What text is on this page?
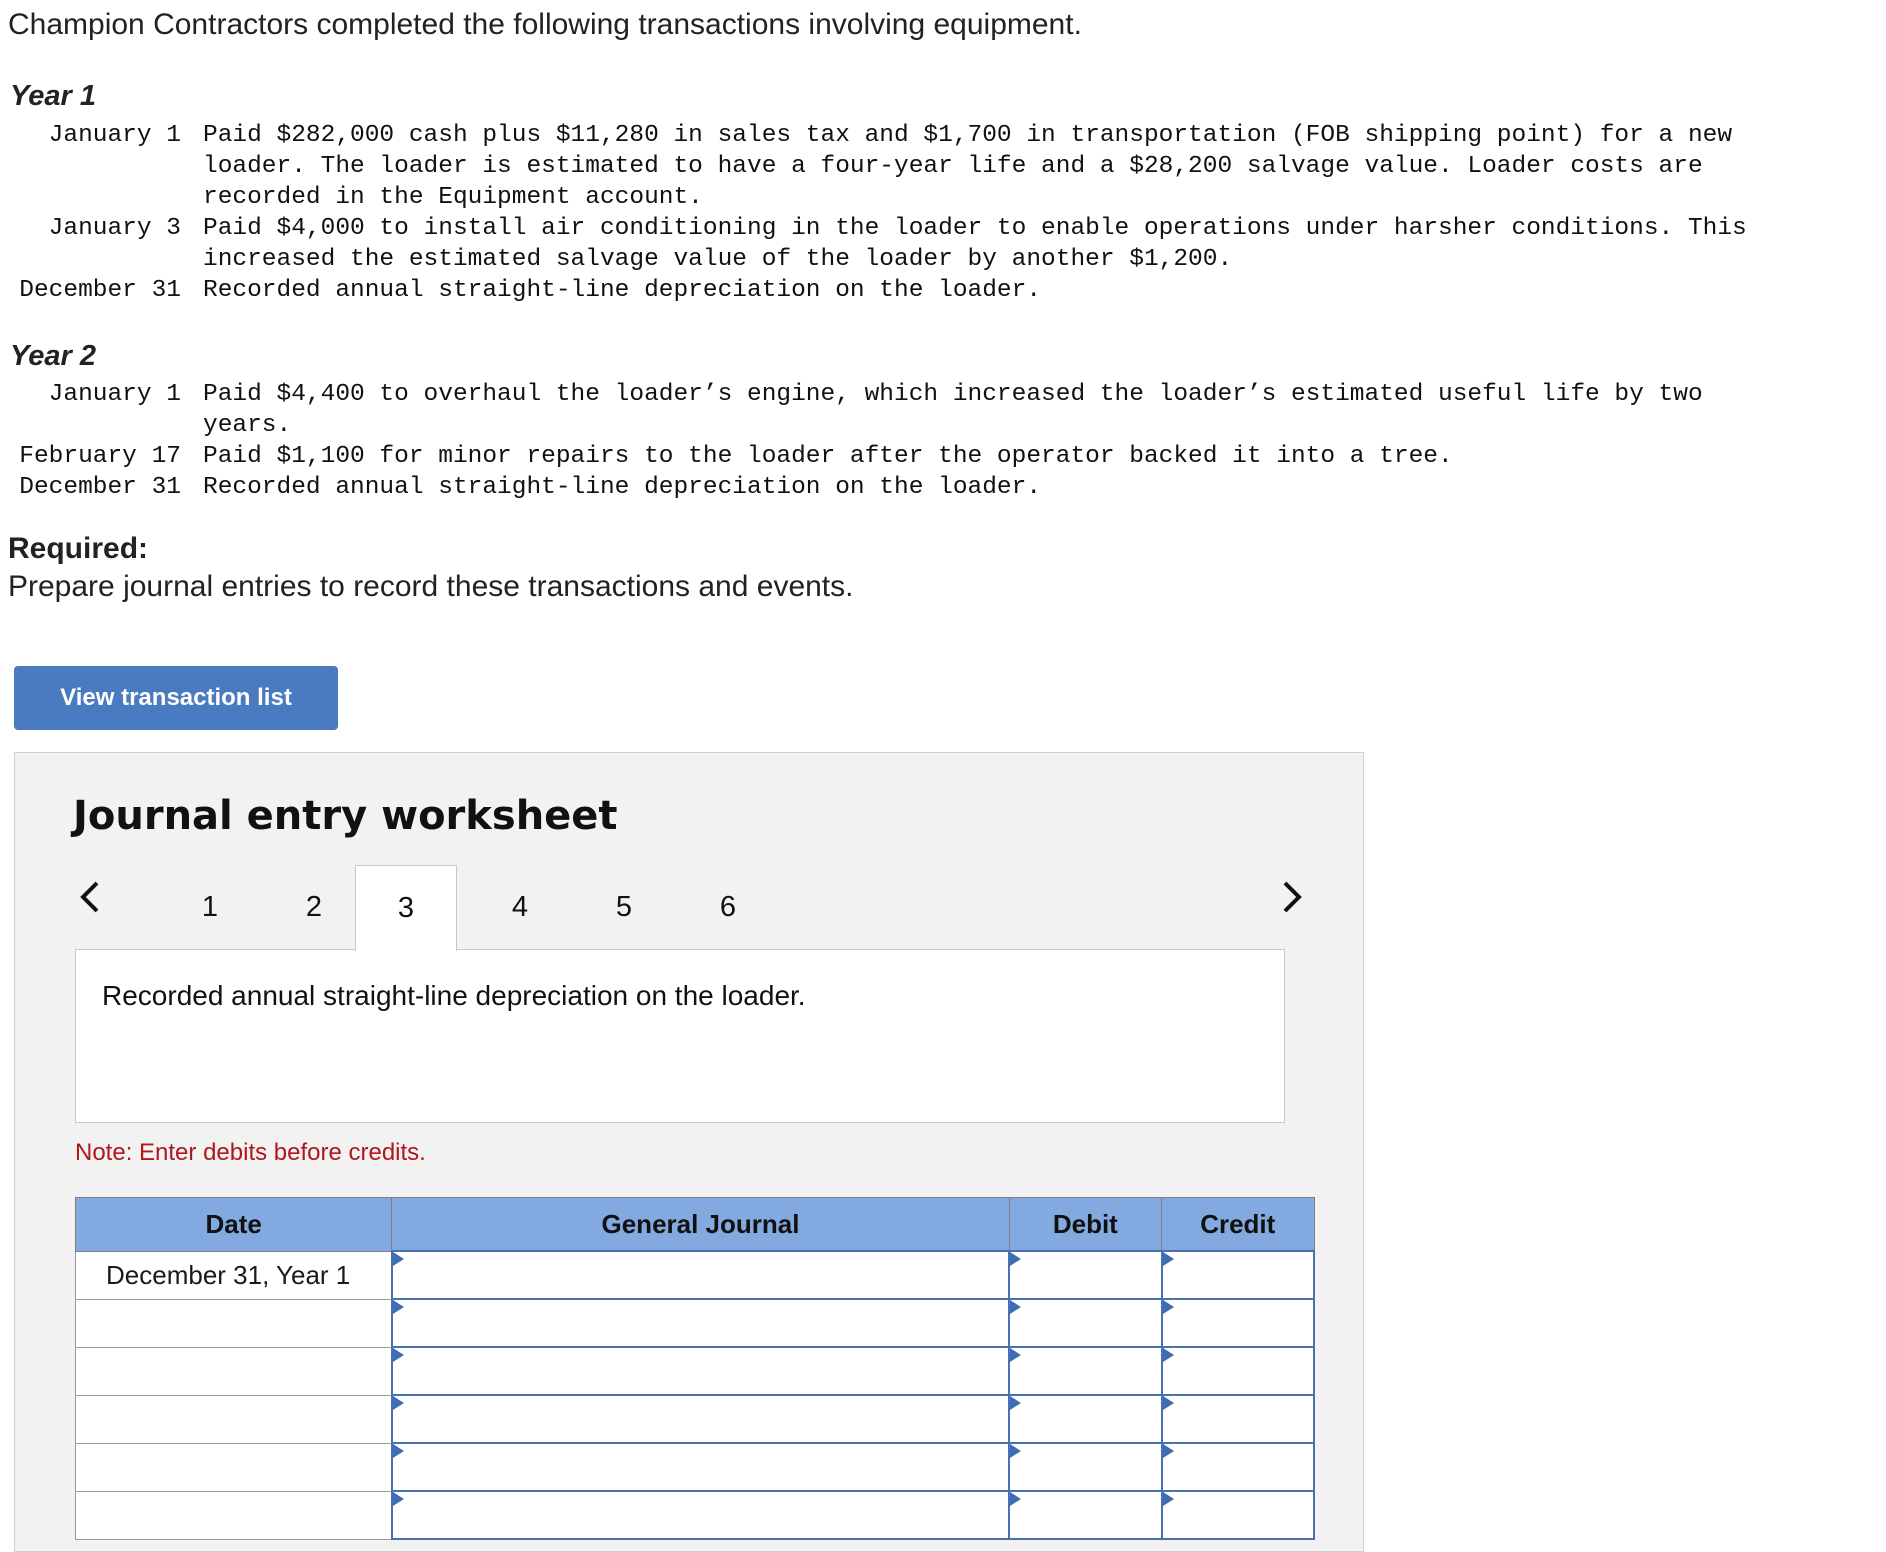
Champion Contractors completed the following transactions involving equipment.
Year 1
January 1 Paid $282,000 cash plus $11,280 in sales tax and $1,700 in transportation (FOB shipping point) for a new
loader. The loader is estimated to have a four-year life and a $28,200 salvage value. Loader costs are
recorded in the Equipment account.
January 3 Paid $4,000 to install air conditioning in the loader to enable operations under harsher conditions. This
increased the estimated salvage value of the loader by another $1,200.
December 31 Recorded annual straight-line depreciation on the loader.
Year 2
January 1 Paid $4,400 to overhaul the loader’s engine, which increased the loader’s estimated useful life by two
years.
February 17 Paid $1,100 for minor repairs to the loader after the operator backed it into a tree.
December 31 Recorded annual straight-line depreciation on the loader.
Required:
Prepare journal entries to record these transactions and events.
View transaction list
Journal entry worksheet
1	2	3	4	5	6
Recorded annual straight-line depreciation on the loader.
Note: Enter debits before credits.
Date	General Journal	Debit	Credit
December 31, Year 1	
